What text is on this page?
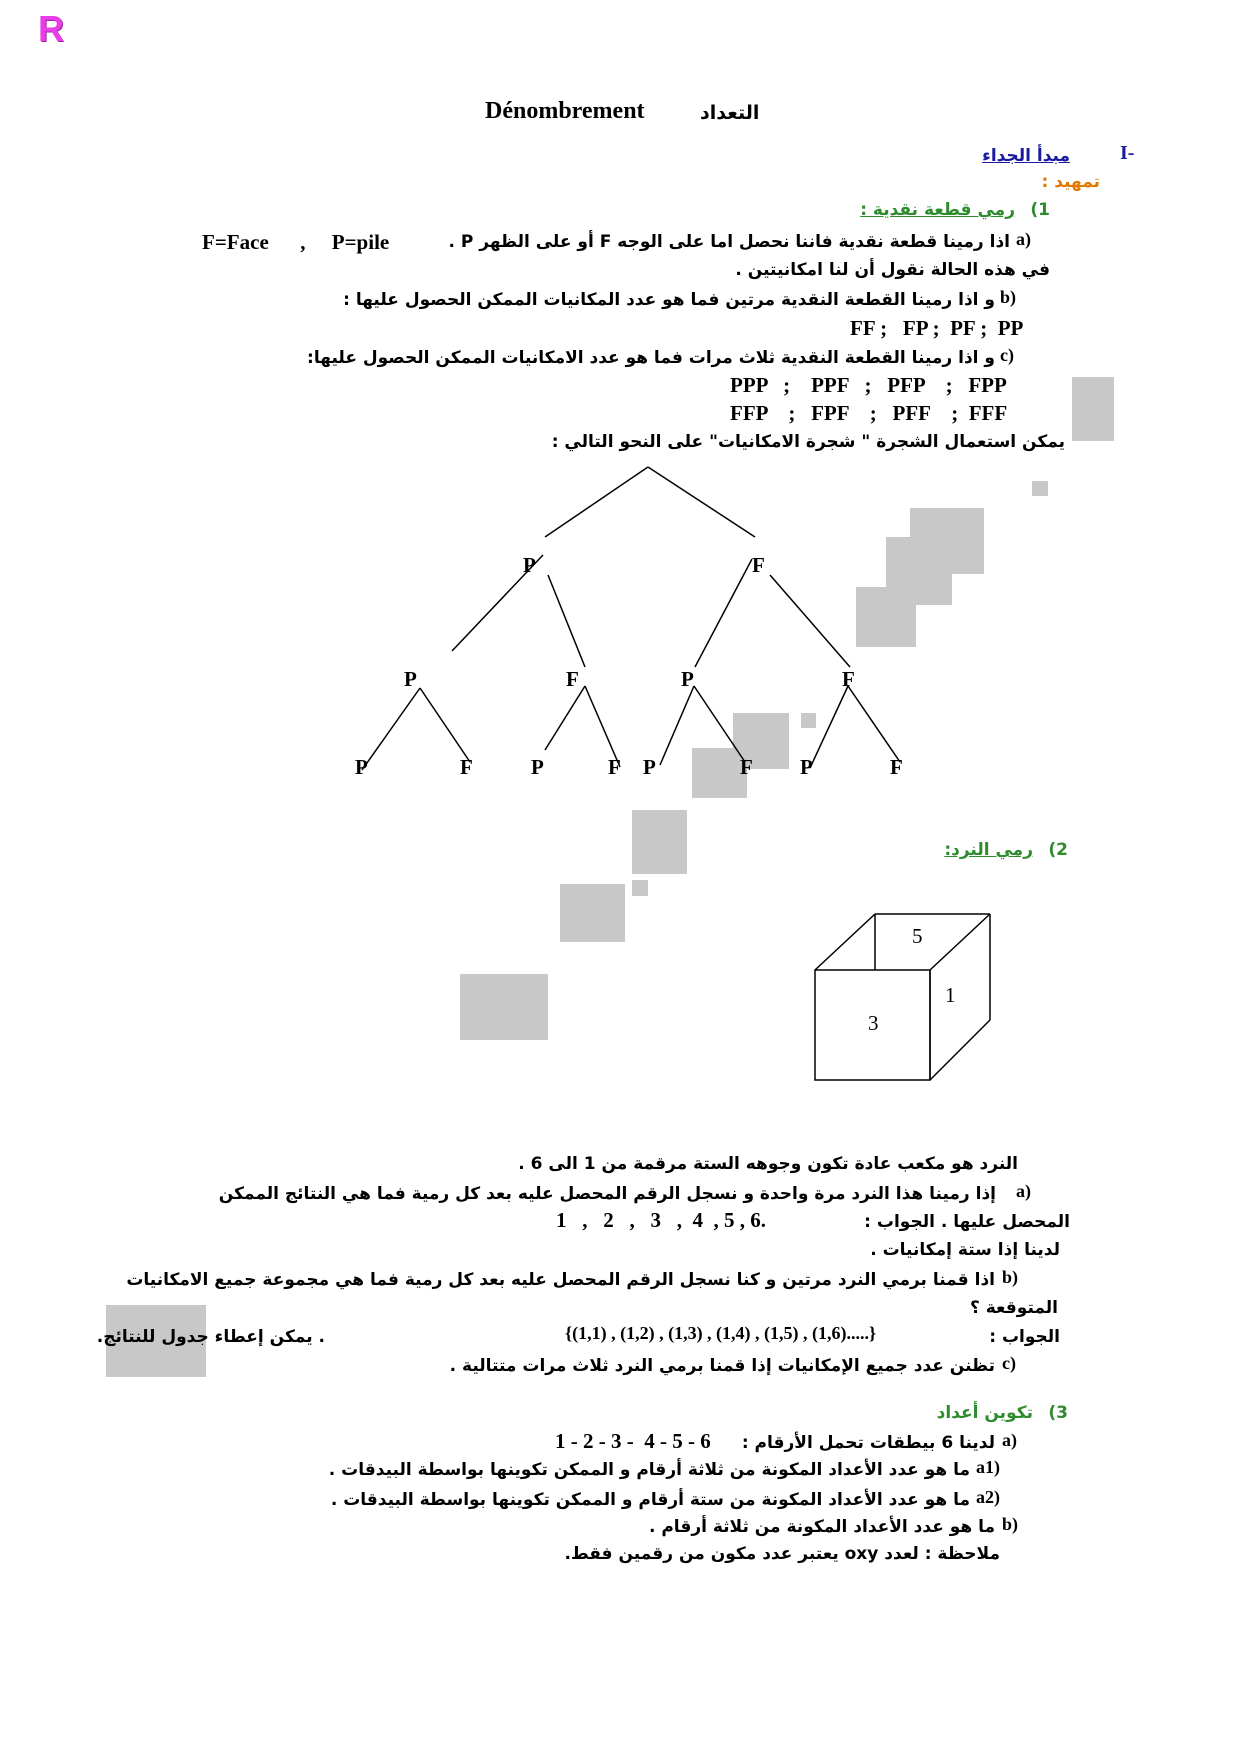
R
Dénombrement	التعداد
I-
مبدأ الجداء
تمهيد :
1)
رمي قطعة نقدية :
a)
اذا رمينا قطعة نقدية فاننا نحصل اما على الوجه F أو على الظهر P .
F=Face      ,     P=pile
في هذه الحالة نقول أن لنا امكانيتين .
b)
و اذا رمينا القطعة النقدية مرتين فما هو عدد المكانيات الممكن الحصول عليها :
FF ;   FP ;  PF ;  PP
c)
و اذا رمينا القطعة النقدية ثلاث مرات فما هو عدد الامكانيات الممكن الحصول عليها:
PPP   ;    PPF   ;   PFP    ;   FPP
FFP    ;   FPF    ;   PFF    ;  FFF
يمكن استعمال الشجرة " شجرة الامكانيات" على النحو التالي :
P	F
P	F	P	F
P	F	P	F P	F P	F
5
1
3
2)
رمي النرد:
النرد هو مكعب عادة تكون وجوهه الستة مرقمة من 1 الى 6 .
a)
إذا رمينا هذا النرد مرة واحدة و نسجل الرقم المحصل عليه بعد كل رمية فما هي النتائج الممكن
المحصل عليها . الجواب :
1   ,   2   ,   3   ,  4  , 5 , 6.
لدينا إذا ستة إمكانيات .
b)
اذا قمنا برمي النرد مرتين و كنا نسجل الرقم المحصل عليه بعد كل رمية فما هي مجموعة جميع الامكانيات
المتوقعة ؟
الجواب :
{(1,1) , (1,2) , (1,3) , (1,4) , (1,5) , (1,6).....}
. يمكن إعطاء جدول للنتائج.
c)
تظنن عدد جميع الإمكانيات إذا قمنا برمي النرد ثلاث مرات متتالية .
3)
تكوين أعداد
a)
لدينا 6 بيطقات تحمل الأرقام :
1 - 2 - 3 -  4 - 5 - 6
a1)
ما هو عدد الأعداد المكونة من ثلاثة أرقام و الممكن تكوينها بواسطة البيدقات .
a2)
ما هو عدد الأعداد المكونة من ستة أرقام و الممكن تكوينها بواسطة البيدقات .
b)
ما هو عدد الأعداد المكونة من ثلاثة أرقام .
ملاحظة : لعدد oxy يعتبر عدد مكون من رقمين فقط.
